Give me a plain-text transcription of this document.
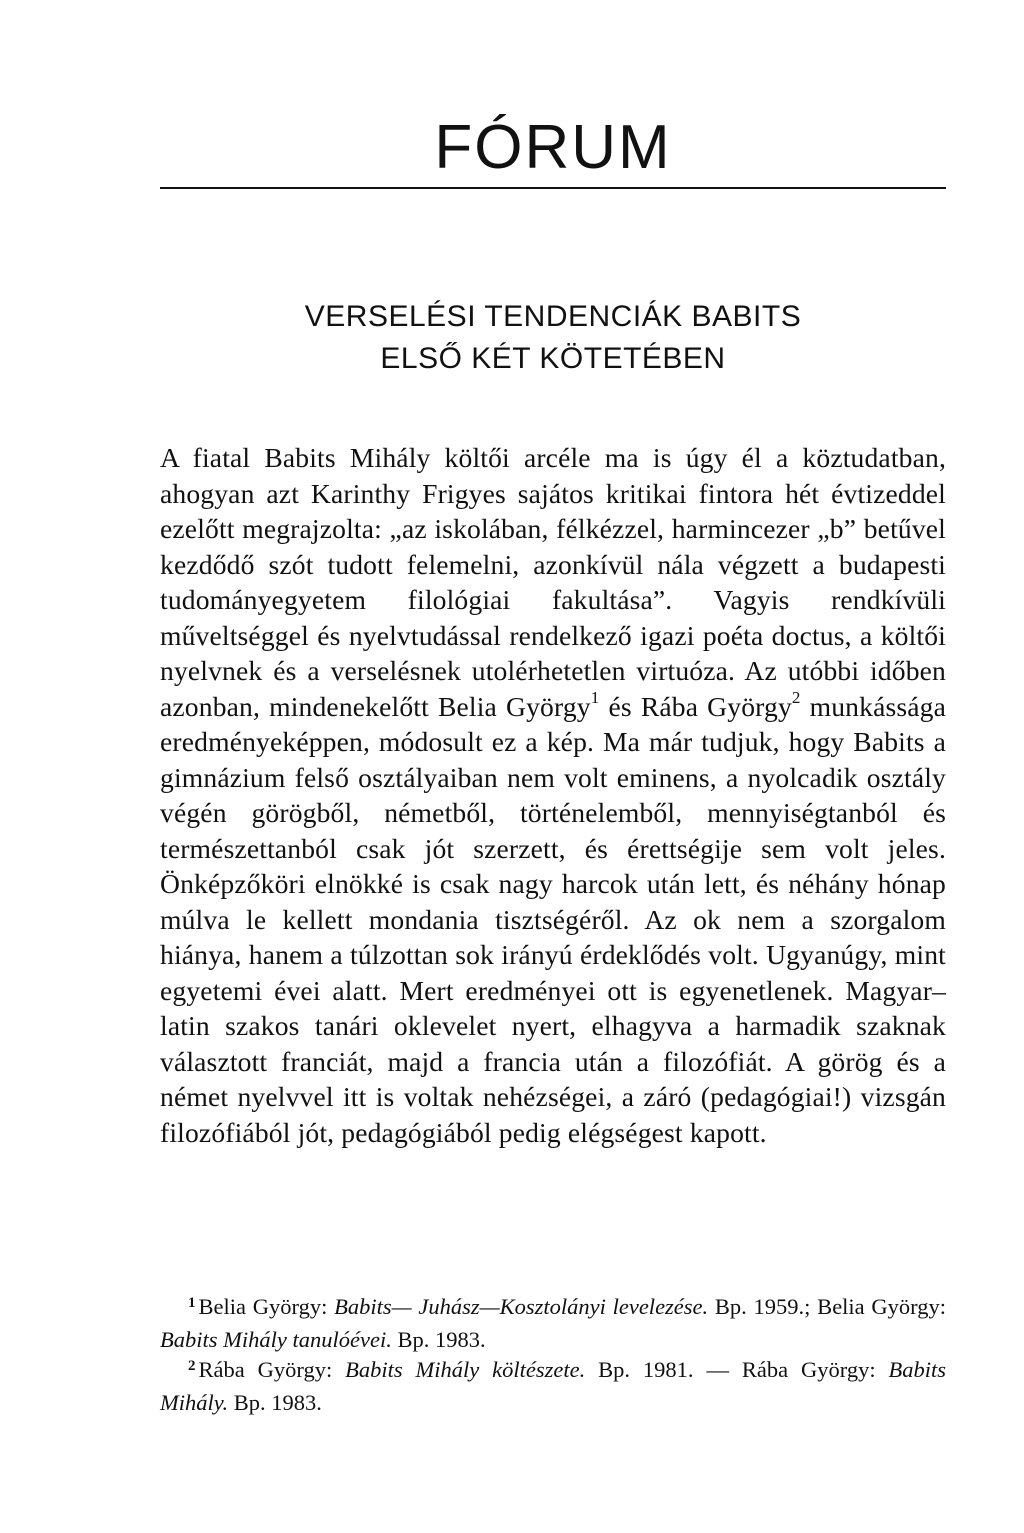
FÓRUM
VERSELÉSI TENDENCIÁK BABITS
ELSŐ KÉT KÖTETÉBEN

A fiatal Babits Mihály költői arcéle ma is úgy él a köztudatban, ahogyan azt Karinthy Frigyes sajátos kritikai fintora hét évtizeddel ezelőtt megrajzolta: „az iskolában, félkézzel, harmincezer „b” betűvel kezdődő szót tudott felemelni, azonkívül nála végzett a budapesti tudományegyetem filológiai fakultása”. Vagyis rendkívüli műveltséggel és nyelvtudással rendelkező igazi poéta doctus, a költői nyelvnek és a verselésnek utolérhetetlen virtuóza. Az utóbbi időben azonban, mindenekelőtt Belia György$^1$ és Rába György$^2$ munkássága eredményeképpen, módosult ez a kép. Ma már tudjuk, hogy Babits a gimnázium felső osztályaiban nem volt eminens, a nyolcadik osztály végén görögből, németből, történelemből, mennyiségtanból és természettanból csak jót szerzett, és érettségije sem volt jeles. Önképzőköri elnökké is csak nagy harcok után lett, és néhány hónap múlva le kellett mondania tisztségéről. Az ok nem a szorgalom hiánya, hanem a túlzottan sok irányú érdeklődés volt. Ugyanúgy, mint egyetemi évei alatt. Mert eredményei ott is egyenetlenek. Magyar–latin szakos tanári oklevelet nyert, elhagyva a harmadik szaknak választott franciát, majd a francia után a filozófiát. A görög és a német nyelvvel itt is voltak nehézségei, a záró (pedagógiai!) vizsgán filozófiából jót, pedagógiából pedig elégségest kapott.

$^1$ Belia György: Babits— Juhász—Kosztolányi levelezése. Bp. 1959.; Belia György: Babits Mihály tanulóévei. Bp. 1983.

$^2$ Rába György: Babits Mihály költészete. Bp. 1981. — Rába György: Babits Mihály. Bp. 1983.
